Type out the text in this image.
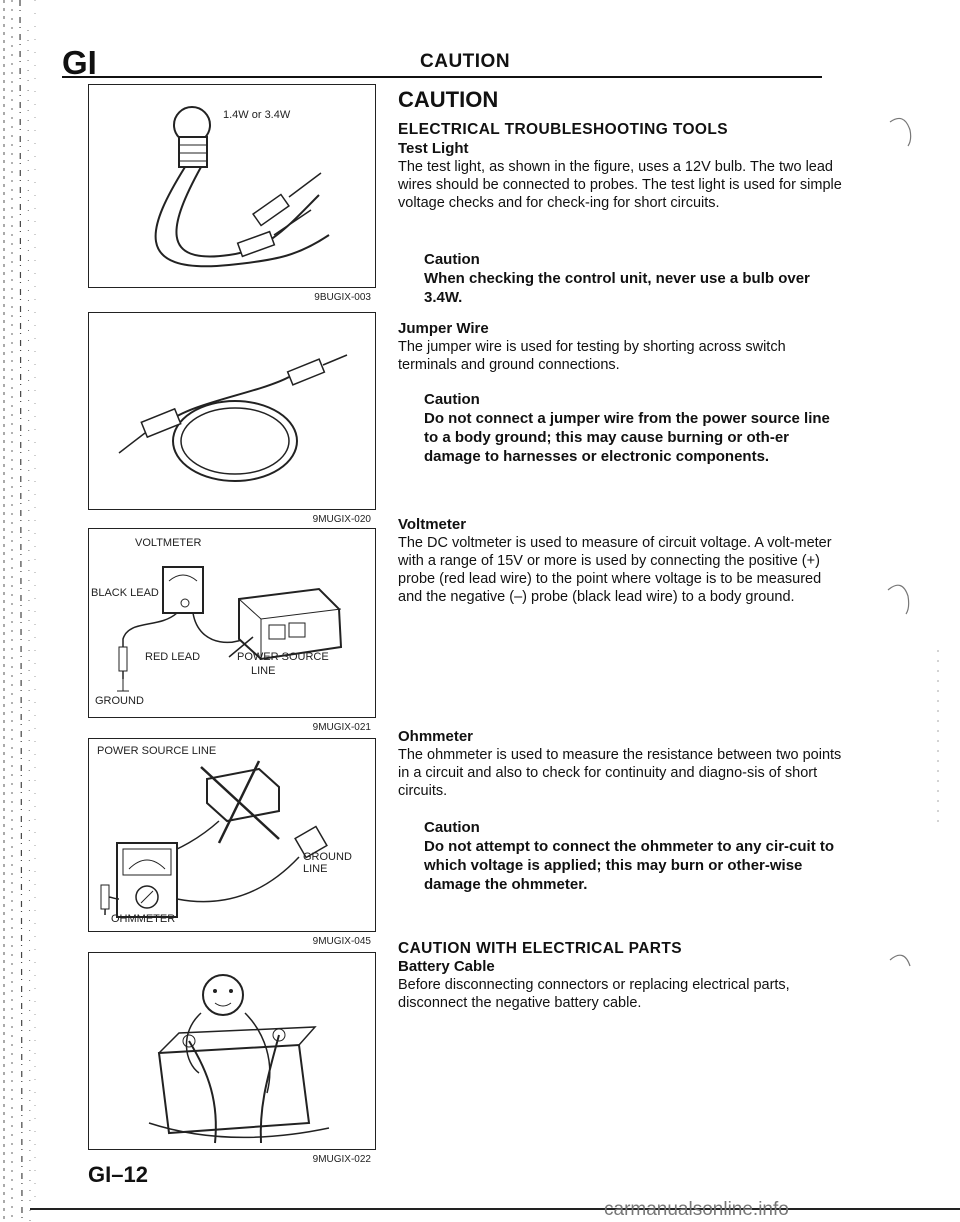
GI	CAUTION
1.4W or 3.4W
9BUGIX-003
9MUGIX-020
VOLTMETER
BLACK LEAD
RED LEAD	POWER SOURCE
LINE
GROUND
9MUGIX-021
POWER SOURCE LINE
GROUND
LINE
OHMMETER
9MUGIX-045
9MUGIX-022
CAUTION
ELECTRICAL TROUBLESHOOTING TOOLS
Test Light
The test light, as shown in the figure, uses a 12V bulb. The two lead wires should be connected to probes. The test light is used for simple voltage checks and for check-ing for short circuits.
Caution
When checking the control unit, never use a bulb over 3.4W.
Jumper Wire
The jumper wire is used for testing by shorting across switch terminals and ground connections.
Caution
Do not connect a jumper wire from the power source line to a body ground; this may cause burning or oth-er damage to harnesses or electronic components.
Voltmeter
The DC voltmeter is used to measure of circuit voltage. A volt-meter with a range of 15V or more is used by connecting the positive (+) probe (red lead wire) to the point where voltage is to be measured and the negative (–) probe (black lead wire) to a body ground.
Ohmmeter
The ohmmeter is used to measure the resistance between two points in a circuit and also to check for continuity and diagno-sis of short circuits.
Caution
Do not attempt to connect the ohmmeter to any cir-cuit to which voltage is applied; this may burn or other-wise damage the ohmmeter.
CAUTION WITH ELECTRICAL PARTS
Battery Cable
Before disconnecting connectors or replacing electrical parts, disconnect the negative battery cable.
GI–12
carmanualsonline.info
